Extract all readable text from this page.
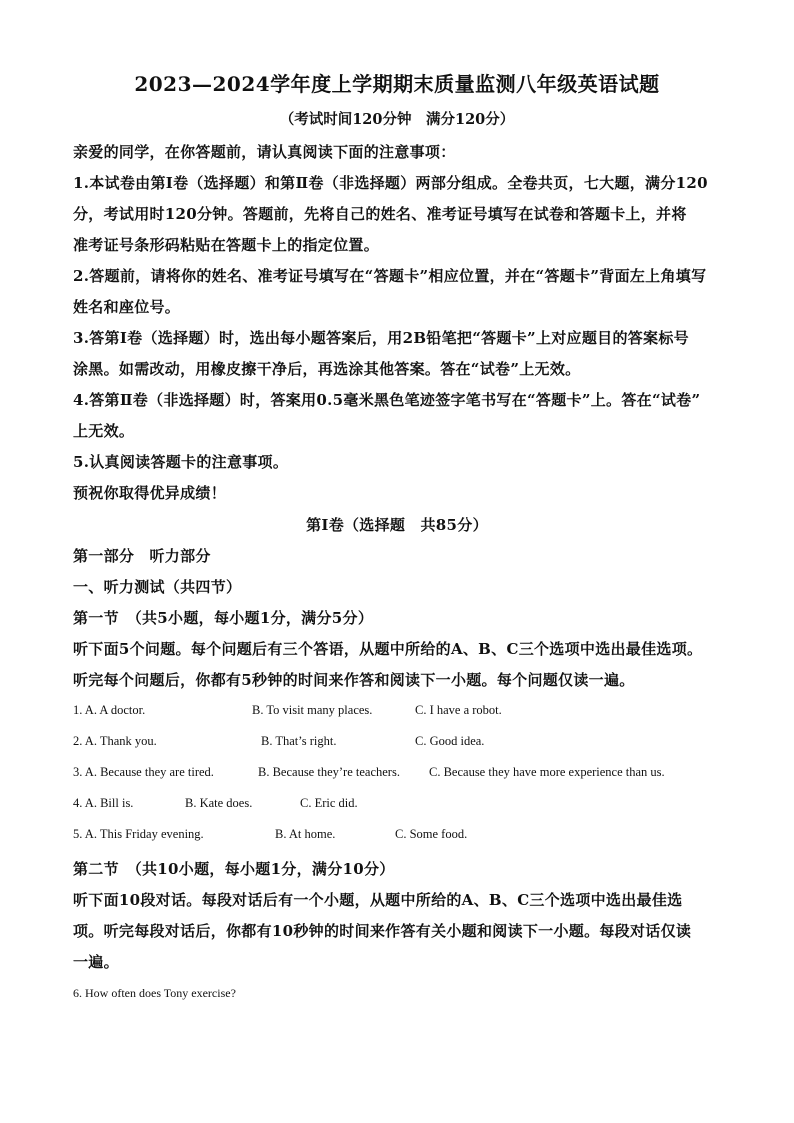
2023—2024学年度上学期期末质量监测八年级英语试题
（考试时间120分钟　满分120分）
亲爱的同学，在你答题前，请认真阅读下面的注意事项：
1.本试卷由第Ⅰ卷（选择题）和第Ⅱ卷（非选择题）两部分组成。全卷共页，七大题，满分120
分，考试用时120分钟。答题前，先将自己的姓名、准考证号填写在试卷和答题卡上，并将
准考证号条形码粘贴在答题卡上的指定位置。
2.答题前，请将你的姓名、准考证号填写在“答题卡”相应位置，并在“答题卡”背面左上角填写
姓名和座位号。
3.答第Ⅰ卷（选择题）时，选出每小题答案后，用2B铅笔把“答题卡”上对应题目的答案标号
涂黑。如需改动，用橡皮擦干净后，再选涂其他答案。答在“试卷”上无效。
4.答第Ⅱ卷（非选择题）时，答案用0.5毫米黑色笔迹签字笔书写在“答题卡”上。答在“试卷”
上无效。
5.认真阅读答题卡的注意事项。
预祝你取得优异成绩！
第Ⅰ卷（选择题　共85分）
第一部分　听力部分
一、听力测试（共四节）
第一节　（共5小题，每小题1分，满分5分）
听下面5个问题。每个问题后有三个答语，从题中所给的A、B、C三个选项中选出最佳选项。
听完每个问题后，你都有5秒钟的时间来作答和阅读下一小题。每个问题仅读一遍。
1. A. A doctor.	B. To visit many places.	C. I have a robot.
2. A. Thank you.	B. That’s right.	C. Good idea.
3. A. Because they are tired.	B. Because they’re teachers. C. Because they have more experience than us.
4. A. Bill is.	B. Kate does.	C. Eric did.
5. A. This Friday evening.	B. At home.	C. Some food.
第二节　（共10小题，每小题1分，满分10分）
听下面10段对话。每段对话后有一个小题，从题中所给的A、B、C三个选项中选出最佳选
项。听完每段对话后，你都有10秒钟的时间来作答有关小题和阅读下一小题。每段对话仅读
一遍。
6. How often does Tony exercise?
